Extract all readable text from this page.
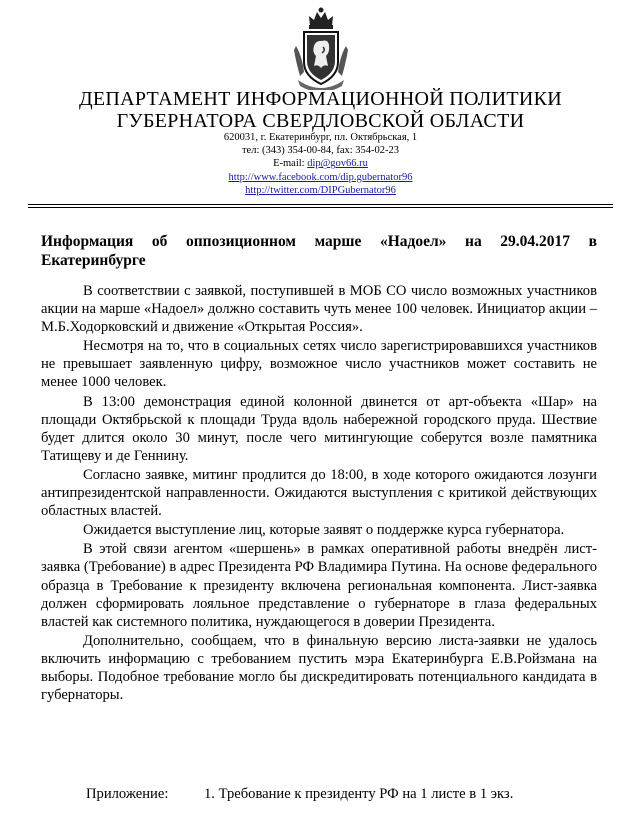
ДЕПАРТАМЕНТ ИНФОРМАЦИОННОЙ ПОЛИТИКИ
ГУБЕРНАТОРА СВЕРДЛОВСКОЙ ОБЛАСТИ
620031, г. Екатеринбург, пл. Октябрьская, 1
тел: (343) 354-00-84, fax: 354-02-23
E-mail: dip@gov66.ru
http://www.facebook.com/dip.gubernator96
http://twitter.com/DIPGubernator96
Информация об оппозиционном марше «Надоел» на 29.04.2017 в Екатеринбурге

В соответствии с заявкой, поступившей в МОБ СО число возможных участников акции на марше «Надоел» должно составить чуть менее 100 человек. Инициатор акции – М.Б.Ходорковский и движение «Открытая Россия».

Несмотря на то, что в социальных сетях число зарегистрировавшихся участников не превышает заявленную цифру, возможное число участников может составить не менее 1000 человек.

В 13:00 демонстрация единой колонной двинется от арт-объекта «Шар» на площади Октябрьской к площади Труда вдоль набережной городского пруда. Шествие будет длится около 30 минут, после чего митингующие соберутся возле памятника Татищеву и де Геннину.

Согласно заявке, митинг продлится до 18:00, в ходе которого ожидаются лозунги антипрезидентской направленности. Ожидаются выступления с критикой действующих областных властей.

Ожидается выступление лиц, которые заявят о поддержке курса губернатора.

В этой связи агентом «шершень» в рамках оперативной работы внедрён лист-заявка (Требование) в адрес Президента РФ Владимира Путина. На основе федерального образца в Требование к президенту включена региональная компонента. Лист-заявка должен сформировать лояльное представление о губернаторе в глаза федеральных властей как системного политика, нуждающегося в доверии Президента.

Дополнительно, сообщаем, что в финальную версию листа-заявки не удалось включить информацию с требованием пустить мэра Екатеринбурга Е.В.Ройзмана на выборы. Подобное требование могло бы дискредитировать потенциального кандидата в губернаторы.

Приложение: 1. Требование к президенту РФ на 1 листе в 1 экз.
